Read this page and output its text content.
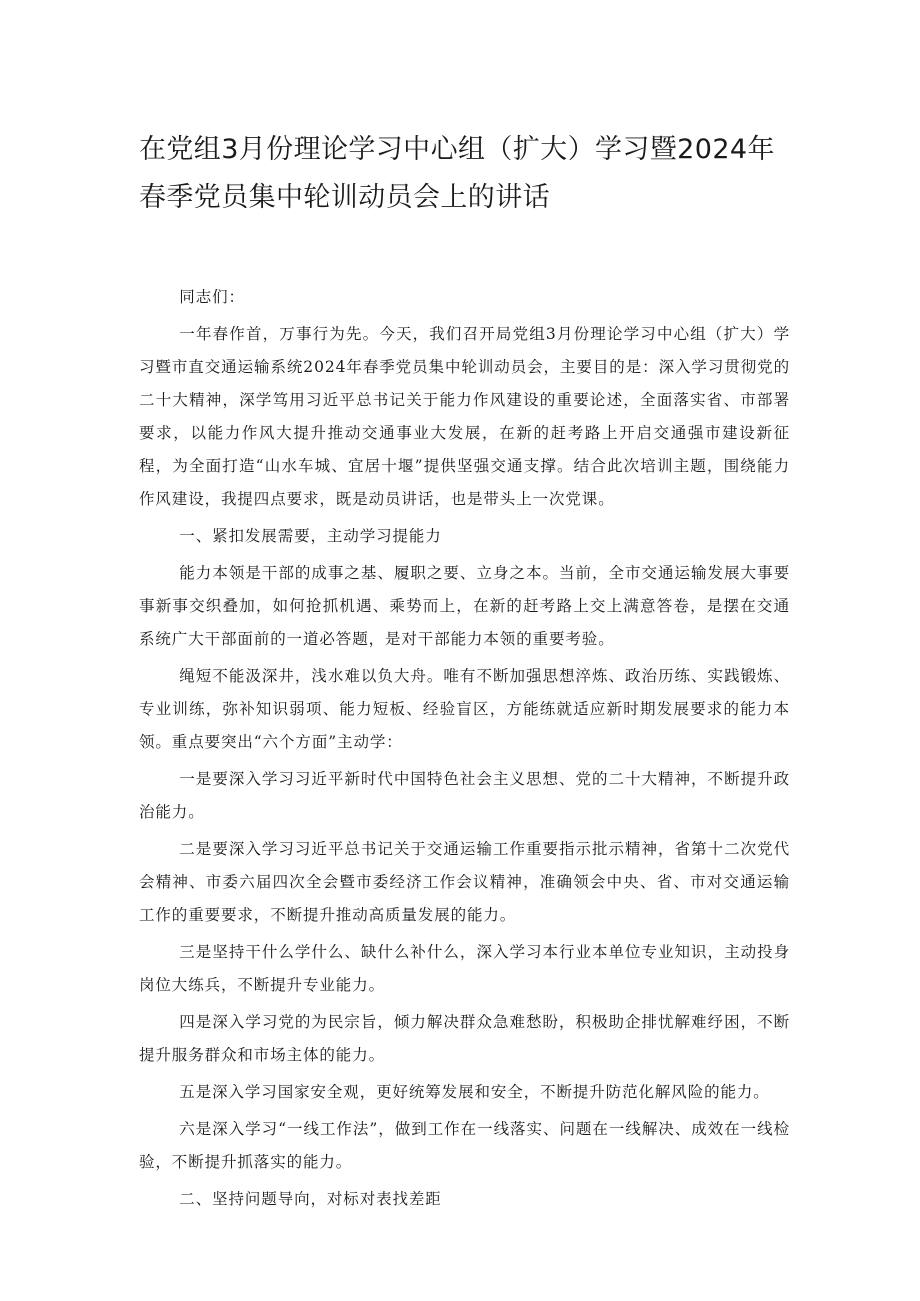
在党组3月份理论学习中心组（扩大）学习暨2024年春季党员集中轮训动员会上的讲话

同志们：

一年春作首，万事行为先。今天，我们召开局党组3月份理论学习中心组（扩大）学习暨市直交通运输系统2024年春季党员集中轮训动员会，主要目的是：深入学习贯彻党的二十大精神，深学笃用习近平总书记关于能力作风建设的重要论述，全面落实省、市部署要求，以能力作风大提升推动交通事业大发展，在新的赶考路上开启交通强市建设新征程，为全面打造“山水车城、宜居十堰”提供坚强交通支撑。结合此次培训主题，围绕能力作风建设，我提四点要求，既是动员讲话，也是带头上一次党课。

一、紧扣发展需要，主动学习提能力

能力本领是干部的成事之基、履职之要、立身之本。当前，全市交通运输发展大事要事新事交织叠加，如何抢抓机遇、乘势而上，在新的赶考路上交上满意答卷，是摆在交通系统广大干部面前的一道必答题，是对干部能力本领的重要考验。

绳短不能汲深井，浅水难以负大舟。唯有不断加强思想淬炼、政治历练、实践锻炼、专业训练，弥补知识弱项、能力短板、经验盲区，方能练就适应新时期发展要求的能力本领。重点要突出“六个方面”主动学：

一是要深入学习习近平新时代中国特色社会主义思想、党的二十大精神，不断提升政治能力。

二是要深入学习习近平总书记关于交通运输工作重要指示批示精神，省第十二次党代会精神、市委六届四次全会暨市委经济工作会议精神，准确领会中央、省、市对交通运输工作的重要要求，不断提升推动高质量发展的能力。

三是坚持干什么学什么、缺什么补什么，深入学习本行业本单位专业知识，主动投身岗位大练兵，不断提升专业能力。

四是深入学习党的为民宗旨，倾力解决群众急难愁盼，积极助企排忧解难纾困，不断提升服务群众和市场主体的能力。

五是深入学习国家安全观，更好统筹发展和安全，不断提升防范化解风险的能力。

六是深入学习“一线工作法”，做到工作在一线落实、问题在一线解决、成效在一线检验，不断提升抓落实的能力。

二、坚持问题导向，对标对表找差距
